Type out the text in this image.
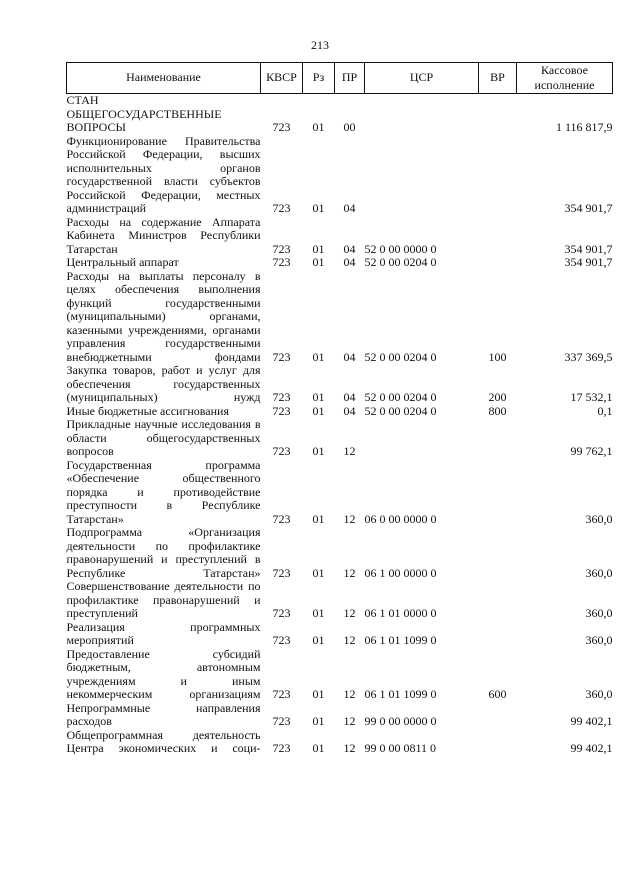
213
Наименование	КВСР	Рз	ПР	ЦСР	ВР	Кассовое исполнение
СТАН						
ОБЩЕГОСУДАРСТВЕННЫЕ ВОПРОСЫ	723	01	00			1 116 817,9
Функционирование Правительства Российской Федерации, высших исполнительных органов государственной власти субъектов Российской Федерации, местных администраций	723	01	04			354 901,7
Расходы на содержание Аппарата Кабинета Министров Республики Татарстан	723	01	04	52 0 00 0000 0		354 901,7
Центральный аппарат	723	01	04	52 0 00 0204 0		354 901,7
Расходы на выплаты персоналу в целях обеспечения выполнения функций государственными (муниципальными) органами, казенными учреждениями, органами управления государственными внебюджетными фондами	723	01	04	52 0 00 0204 0	100	337 369,5
Закупка товаров, работ и услуг для обеспечения государственных (муниципальных) нужд	723	01	04	52 0 00 0204 0	200	17 532,1
Иные бюджетные ассигнования	723	01	04	52 0 00 0204 0	800	0,1
Прикладные научные исследования в области общегосударственных вопросов	723	01	12			99 762,1
Государственная программа «Обеспечение общественного порядка и противодействие преступности в Республике Татарстан»	723	01	12	06 0 00 0000 0		360,0
Подпрограмма «Организация деятельности по профилактике правонарушений и преступлений в Республике Татарстан»	723	01	12	06 1 00 0000 0		360,0
Совершенствование деятельности по профилактике правонарушений и преступлений	723	01	12	06 1 01 0000 0		360,0
Реализация программных мероприятий	723	01	12	06 1 01 1099 0		360,0
Предоставление субсидий бюджетным, автономным учреждениям и иным некоммерческим организациям	723	01	12	06 1 01 1099 0	600	360,0
Непрограммные направления расходов	723	01	12	99 0 00 0000 0		99 402,1
Общепрограммная деятельность Центра экономических и соци-	723	01	12	99 0 00 0811 0		99 402,1
